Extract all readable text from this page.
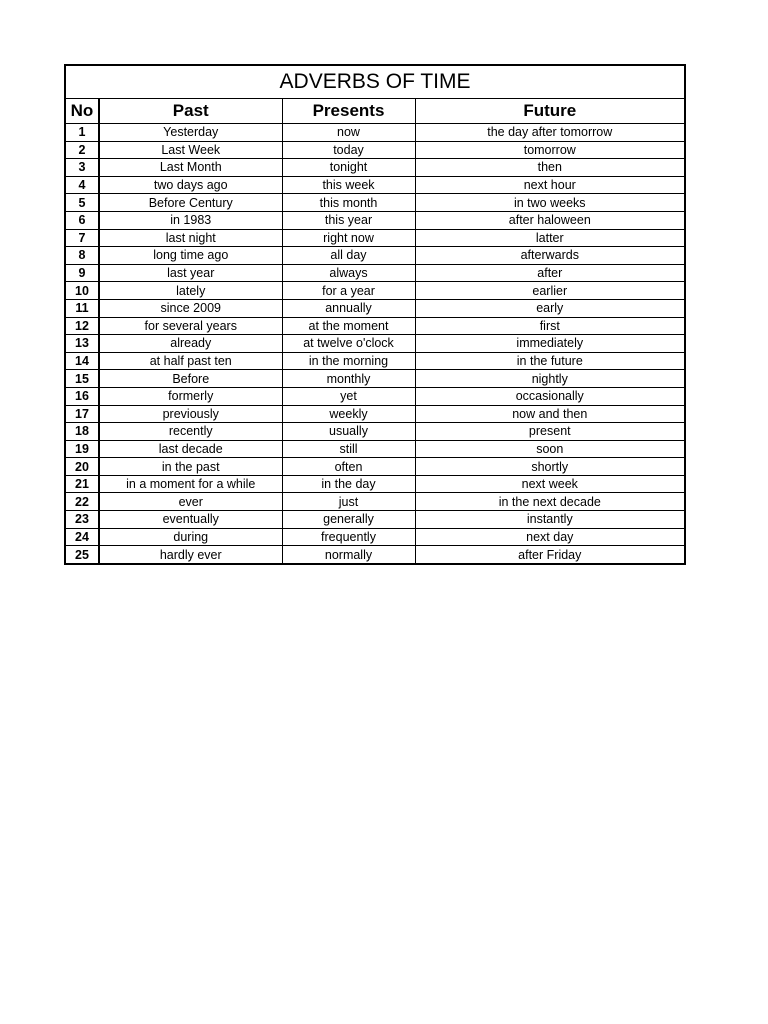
ADVERBS OF TIME			
No	Past	Presents	Future
1	Yesterday	now	the day after tomorrow
2	Last Week	today	tomorrow
3	Last Month	tonight	then
4	two days ago	this week	next hour
5	Before Century	this month	in two weeks
6	in 1983	this year	after haloween
7	last night	right now	latter
8	long time ago	all day	afterwards
9	last year	always	after
10	lately	for a year	earlier
11	since 2009	annually	early
12	for several years	at the moment	first
13	already	at twelve o'clock	immediately
14	at half past ten	in the morning	in the future
15	Before	monthly	nightly
16	formerly	yet	occasionally
17	previously	weekly	now and then
18	recently	usually	present
19	last decade	still	soon
20	in the past	often	shortly
21	in a moment for a while	in the day	next week
22	ever	just	in the next decade
23	eventually	generally	instantly
24	during	frequently	next day
25	hardly ever	normally	after Friday
